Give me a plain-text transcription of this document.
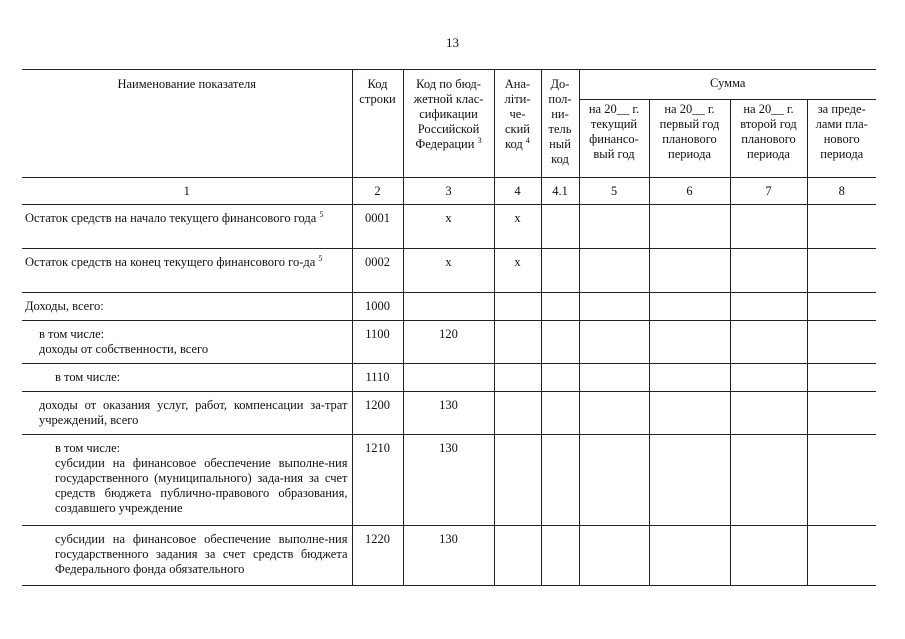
13
Наименование показателя	Код строки	Код по бюд-жетной клас-сификации Российской Федерации $^3$	Ана-літи-че-ский код $^4$	До-пол-ни-тель ный код	Сумма			
					на 20__ г. текущий финансо-вый год	на 20__ г. первый год планового периода	на 20__ г. второй год планового периода	за преде-лами пла-нового периода
1	2	3	4	4.1	5	6	7	8
Остаток средств на начало текущего финансового года $^5$	0001	x	x					
Остаток средств на конец текущего финансового го-да $^5$	0002	x	x					
Доходы, всего:	1000							

в том числе:
доходы от собственности, всего	1100	120						
в том числе:	1110							
доходы от оказания услуг, работ, компенсации за-трат учреждений, всего	1200	130						

в том числе:
субсидии на финансовое обеспечение выполне-ния государственного (муниципального) зада-ния за счет средств бюджета публично-правового образования, создавшего учреждение	1210	130						
субсидии на финансовое обеспечение выполне-ния государственного задания за счет средств бюджета Федерального фонда обязательного	1220	130						
